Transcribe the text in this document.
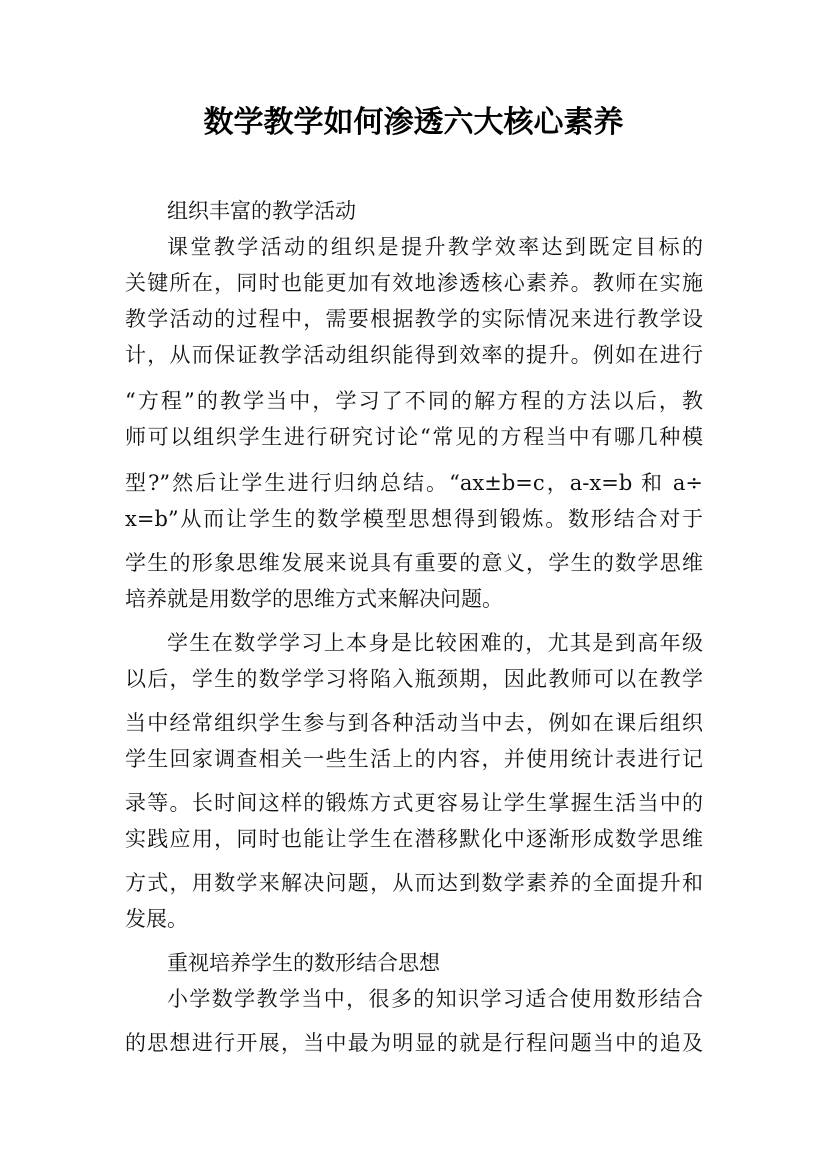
数学教学如何渗透六大核心素养
组织丰富的教学活动
课堂教学活动的组织是提升教学效率达到既定目标的
关键所在，同时也能更加有效地渗透核心素养。教师在实施
教学活动的过程中，需要根据教学的实际情况来进行教学设
计，从而保证教学活动组织能得到效率的提升。例如在进行
“方程”的教学当中，学习了不同的解方程的方法以后，教
师可以组织学生进行研究讨论“常见的方程当中有哪几种模
型?”然后让学生进行归纳总结。“ax±b=c，a-x=b 和 a÷
x=b”从而让学生的数学模型思想得到锻炼。数形结合对于
学生的形象思维发展来说具有重要的意义，学生的数学思维
培养就是用数学的思维方式来解决问题。
学生在数学学习上本身是比较困难的，尤其是到高年级
以后，学生的数学学习将陷入瓶颈期，因此教师可以在教学
当中经常组织学生参与到各种活动当中去，例如在课后组织
学生回家调查相关一些生活上的内容，并使用统计表进行记
录等。长时间这样的锻炼方式更容易让学生掌握生活当中的
实践应用，同时也能让学生在潜移默化中逐渐形成数学思维
方式，用数学来解决问题，从而达到数学素养的全面提升和
发展。
重视培养学生的数形结合思想
小学数学教学当中，很多的知识学习适合使用数形结合
的思想进行开展，当中最为明显的就是行程问题当中的追及
